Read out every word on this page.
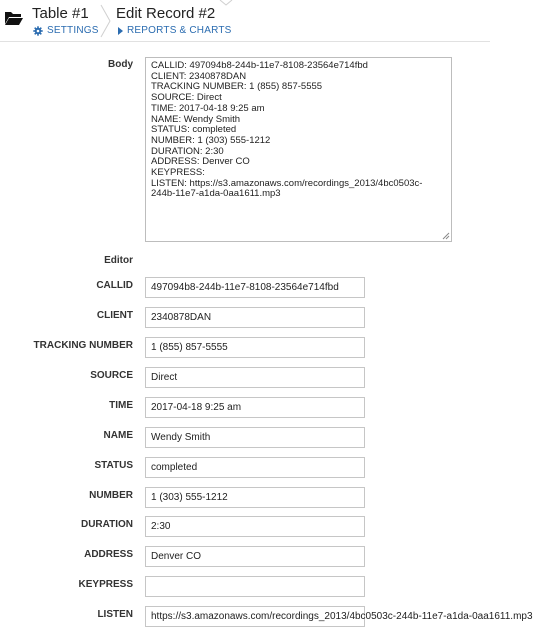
Table #1
SETTINGS
Edit Record #2
REPORTS & CHARTS
Body CALLID: 497094b8-244b-11e7-8108-23564e714fbd
CLIENT: 2340878DAN
TRACKING NUMBER: 1 (855) 857-5555
SOURCE: Direct
TIME: 2017-04-18 9:25 am
NAME: Wendy Smith
STATUS: completed
NUMBER: 1 (303) 555-1212
DURATION: 2:30
ADDRESS: Denver CO
KEYPRESS:
LISTEN: https://s3.amazonaws.com/recordings_2013/4bc0503c-
244b-11e7-a1da-0aa1611.mp3
Editor
CALLID	497094b8-244b-11e7-8108-23564e714fbd
CLIENT	2340878DAN
TRACKING NUMBER	1 (855) 857-5555
SOURCE	Direct
TIME	2017-04-18 9:25 am
NAME	Wendy Smith
STATUS	completed
NUMBER	1 (303) 555-1212
DURATION	2:30
ADDRESS	Denver CO
KEYPRESS
LISTEN	https://s3.amazonaws.com/recordings_2013/4bc0503c-244b-11e7-a1da-0aa1611.mp3
